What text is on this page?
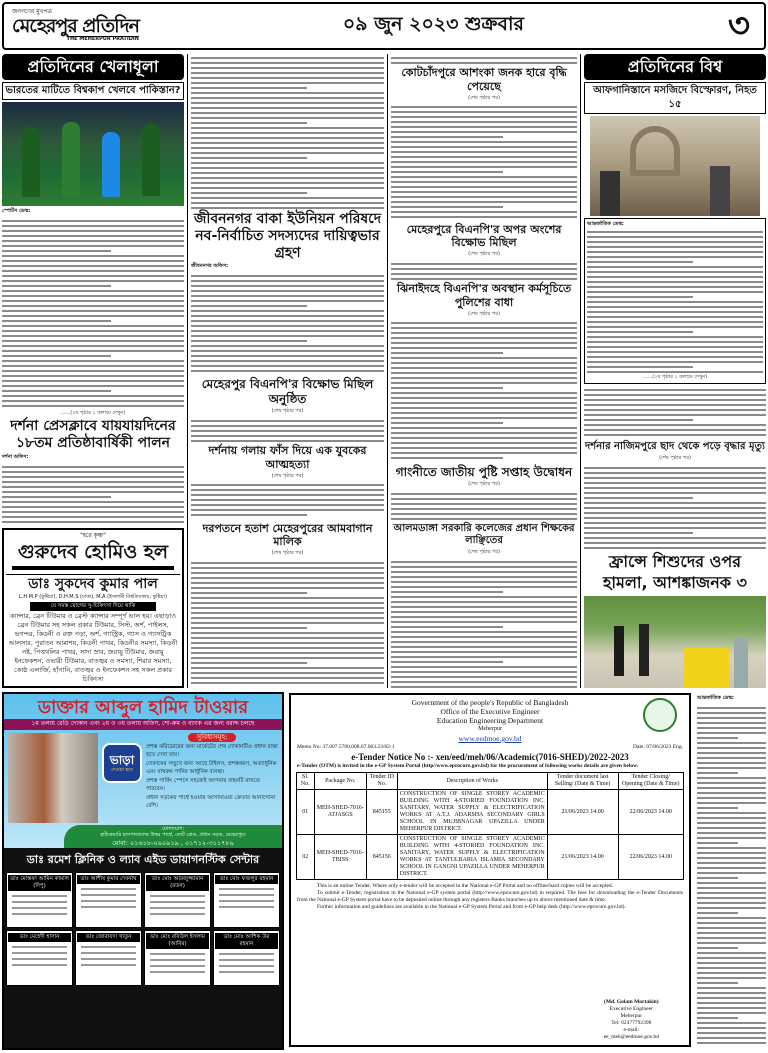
জনগণের মুখপত্র
মেহেরপুর প্রতিদিন
THE MEHERPUR PRATIDIN
০৯ জুন ২০২৩ শুক্রবার	৩
প্রতিদিনের খেলাধূলা
ভারতের মাটিতে বিশ্বকাপ খেলবে পাকিস্তান?
স্পোর্টস ডেস্ক:
......(২য় পৃষ্ঠার ১ কলামে দেখুন)
দর্শনা প্রেসক্লাবে যায়যায়দিনের ১৮তম প্রতিষ্ঠাবার্ষিকী পালন
দর্শনা অফিস:
"হরে কৃষ্ণ"
গুরুদেব হোমিও হল
ডাঃ সুকদেব কুমার পাল
L.H.M.P (কুষ্টিয়া), D.H.M.S (ঢাকা), M.A (ইসলামী বিশ্ববিদ্যালয়, কুষ্টিয়া)
যে সমস্ত রোগের সু-চিকিৎসা দিয়ে থাকি
ক্যান্সার, ব্রেন টিউমার ও ব্রেস্ট ক্যান্সার সম্পূর্ণ ভাল হয়। এছাড়াও ব্রেন টিউমার সহ সকল প্রকার টিউমার, সিস্ট, অর্শ, পাইলস, ভগন্দর, কিডনী ও রক্ত পড়া, অর্শ, গ্যাস্ট্রিক, গ্যাস ও গ্যাসট্রিক আলসার, পুরাতন আমাশয়, কিডনী পাথর, কিডনীর সমস্যা, কিডনী নষ্ট, পিত্তথলির পাথর, সাদা স্রাব, জরায়ু টিউমার, জরায়ু ইনফেকশন, ওভারী টিউমার, বাতজ্বর ও সমস্যা, শিরার সমস্যা, কোষ্ঠ এলার্জি, হাঁপানি, বাতজ্বর ও ইনফেকশন সহ সকল প্রকার চিকিৎসা
জীবননগর বাকা ইউনিয়ন পরিষদে নব-নির্বাচিত সদস্যদের দায়িত্বভার গ্রহণ
জীবননগর অফিস:
মেহেরপুর বিএনপি'র বিক্ষোভ মিছিল অনুষ্ঠিত
(শেষ পৃষ্ঠার পর)
দর্শনায় গলায় ফাঁস দিয়ে এক যুবকের আত্মহত্যা
(শেষ পৃষ্ঠার পর)
দরপতনে হতাশ মেহেরপুরের আমবাগান মালিক
(শেষ পৃষ্ঠার পর)
কোটচাঁদপুরে আশংকা জনক হারে বৃদ্ধি পেয়েছে
(শেষ পৃষ্ঠার পর)
মেহেরপুরে বিএনপি'র অপর অংশের বিক্ষোভ মিছিল
(শেষ পৃষ্ঠার পর)
ঝিনাইদহে বিএনপি'র অবস্থান কর্মসূচিতে পুলিশের বাধা
(শেষ পৃষ্ঠার পর)
গাংনীতে জাতীয় পুষ্টি সপ্তাহ উদ্বোধন
(শেষ পৃষ্ঠার পর)
আলমডাঙ্গা সরকারি কলেজের প্রধান শিক্ষকের লাঞ্ছিতের
(শেষ পৃষ্ঠার পর)
প্রতিদিনের বিশ্ব
আফগানিস্তানে মসজিদে বিস্ফোরণ, নিহত ১৫
আন্তর্জাতিক ডেস্ক:
......(২য় পৃষ্ঠার ১ কলামে দেখুন)
দর্শনার নাজিমপুরে ছাদ থেকে পড়ে বৃদ্ধার মৃত্যু
(শেষ পৃষ্ঠার পর)
ফ্রান্সে শিশুদের ওপর হামলা, আশঙ্কাজনক ৩
ডাক্তার আব্দুল হামিদ টাওয়ার
১ম তলায় রেডি দোকান এবং ২য় ও ৩য় তলায় অফিস, শো-রুম ও ব্যাংক এর জন্য বরাদ্দ চলছে
ভাড়া
দেওয়া হবে
সুবিধাসমূহ:
প্রশস্ত করিডোরের জন্য মার্কেটের শেষ দোকানটিও প্রধান রাস্তা হতে দেখা যায়।
দোকানের সম্মুখে জন্য আছে টাইলস, প্রশস্তকরণ, অত্যাধুনিক এবং বাথরুম পানির আধুনিক ব্যবস্থা।
প্রশস্ত পার্কিং স্পেসে সহজেই আপনার বাহনটি রাখতে পারবেন।
প্রধান সড়কের পার্শ্বে হওয়ায় আসাযাওয়া ক্রেতার আনাগোনা বেশি।
যোগাযোগ:
হার্টকেয়ারি হাসপাতালের উত্তর পার্শ্বে, কোর্ট রোড, প্রধান সড়ক, মেহেরপুর।
মোবা: ০১৬১৮-০৯০৯১৯ , ০১৭১২-৩১১৭৮৯
ডাঃ রমেশ ক্লিনিক ও ল্যাব এইড ডায়াগনস্টিক সেন্টার
ডাঃ মোস্তফা আমিন কামাল (দিপু)
ডাঃ আশীষ কুমার দেবনাথ	ডাঃ মোঃ আরজুজ্জামান (রতন)
ডাঃ মোঃ ফজলুর রহমান
ডাঃ মেহেদী হাসান	ডাঃ জোবায়দা খাতুন	ডাঃ মোঃ রবিউল ইসলাম (আবির)
ডাঃ মোঃ আশিক উর রহমান
Government of the people's Republic of Bangladesh
Office of the Executive Engineer
Education Engineering Department
Meherpur
www.eedmoe.gov.bd
Memo No: 37.007.5700.008.67.003.23/82-1	Date: 07/06/2023 Eng.
e-Tender Notice No :- xen/eed/meh/06/Academic(7016-SHED)/2022-2023
e-Tender (OTM) is invited in the e-GP System Portal (http//www.eprocure.gov.bd) for the procurement of following works details are given below.
Sl. No.	Package No.	Tender ID No.	Description of Works	Tender document last Selling/ (Date & Time)	Tender Closing/ Opening (Date & Time)
01	MEH-SHED-7016-ATJASGS	845155	CONSTRUCTION OF SINGLE STOREY ACADEMIC BUILDING WITH 4-STORIED FOUNDATION INC. SANITARY, WATER SUPPLY & ELECTRIFICATION WORKS AT A.T.J. ADARSHA SECONDARY GIRLS SCHOOL IN MUJIBNAGAR UPAZILLA UNDER MEHERPUR DISTRICT.	21/06/2023 14.00	22/06/2023 14.00
02	MEH-SHED-7016-TBISS	845156	CONSTRUCTION OF SINGLE STOREY ACADEMIC BUILDING WITH 4-STORIED FOUNDATION INC. SANITARY, WATER SUPPLY & ELECTRIFICATION WORKS AT TANTULBARIA ISLAMIA SECONDARY SCHOOL IN GANGNI UPAZILLA UNDER MEHERPUR DISTRICT.	21/06/2023 14.00	22/06/2023 14.00
This is an online Tender. Where only e-tender will be accepted in the National e-GP Portal and no offline/hard copies will be accepted.
To submit e-Tender, registration in the National e-GP system portal (http://www.eprocure.gov.bd) in required. The fees for downloading the e-Tender Documents from the National e-GP System portal have to be deposited online through any registers Banks branches up to above mentioned date & time.
Further information and guidelines are available in the National e-GP System Portal and from e-GP help desk (http://www.eprocure.gov.bd).
(Md. Golam Mortakin)
Executive Engineer
Meherpur
Tel: 02477792398
e-mail:
ee_meh@eedmoe.gov.bd
আন্তর্জাতিক ডেস্ক:
